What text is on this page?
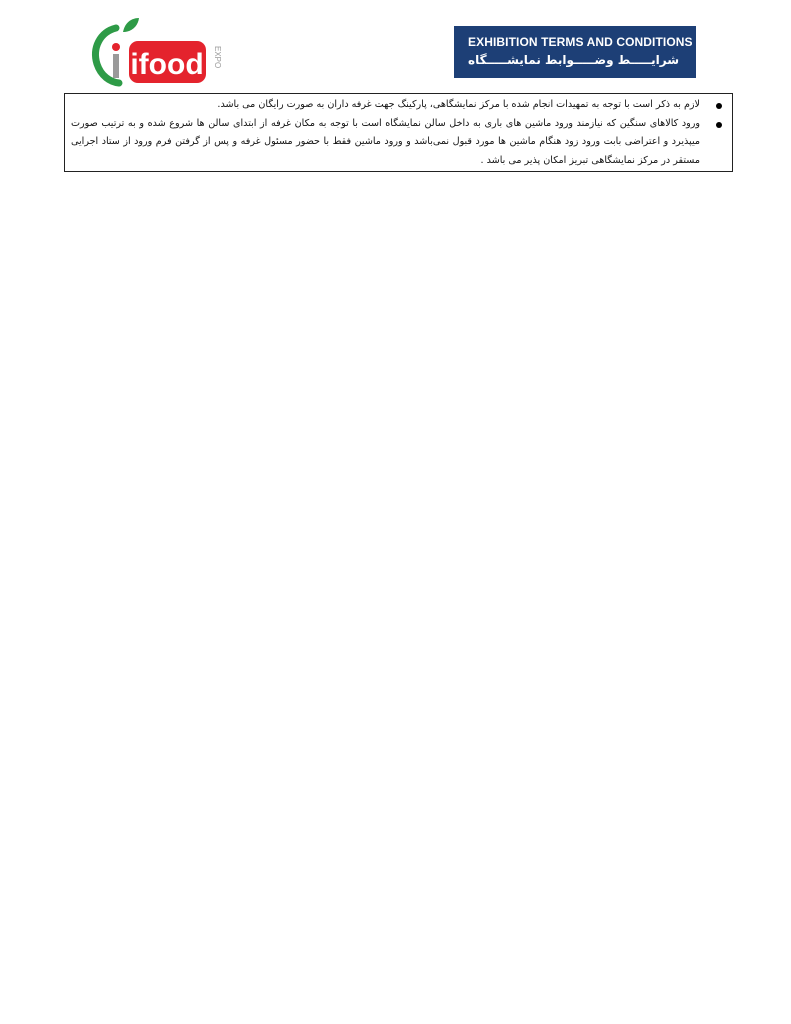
ifood EXPO
EXHIBITION TERMS AND CONDITIONS
شرایـــــط وضـــــوابط نمایشـــــگاه
لازم به ذکر است با توجه به تمهیدات انجام شده با مرکز نمایشگاهی، پارکینگ جهت غرفه داران به صورت رایگان می باشد.
ورود کالاهای سنگین که نیازمند ورود ماشین های باری به داخل سالن نمایشگاه است با توجه به مکان غرفه از ابتدای سالن ها شروع شده و به ترتیب صورت میپذیرد و اعتراضی بابت ورود زود هنگام ماشین ها مورد قبول نمی‌باشد و ورود ماشین فقط با حضور مسئول غرفه و پس از گرفتن فرم ورود از ستاد اجرایی مستقر در مرکز نمایشگاهی تبریز امکان پذیر می باشد .
